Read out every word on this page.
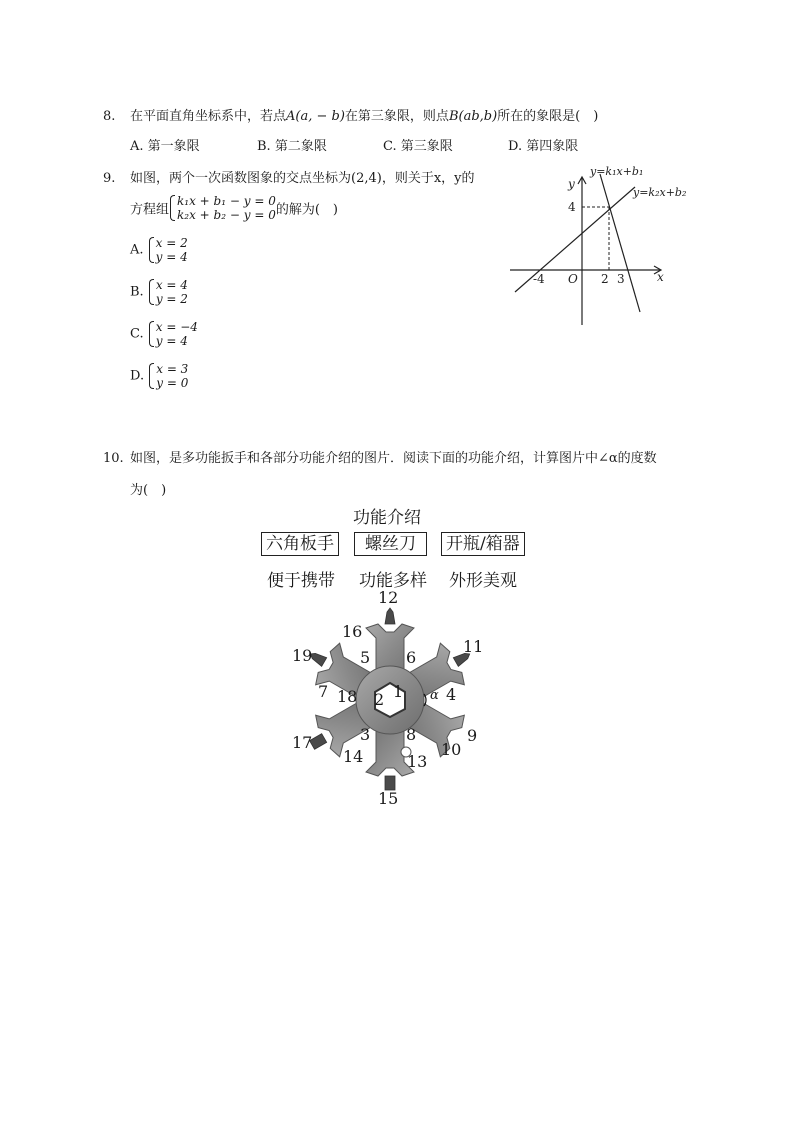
8. 在平面直角坐标系中，若点A(a, − b)在第三象限，则点B(ab,b)所在的象限是(　)
A. 第一象限	B. 第二象限	C. 第三象限	D. 第四象限
9. 如图，两个一次函数图象的交点坐标为(2,4)，则关于x，y的
方程组k₁x + b₁ − y = 0
k₂x + b₂ − y = 0的解为(　)
A. x = 2
y = 4
B. x = 4
y = 2
C. x = −4
y = 4
D. x = 3
y = 0
y=k₁x+b₁
y=k₂x+b₂
y
x
O
4
-4	2 3
10. 如图，是多功能扳手和各部分功能介绍的图片．阅读下面的功能介绍，计算图片中∠α的度数
为(　)
功能介绍
六角板手	螺丝刀	开瓶/箱器
便于携带 功能多样 外形美观
12
16
5 6
11
19
7 18 2 1 α 4
3 8
17
14	13
10
9
15
